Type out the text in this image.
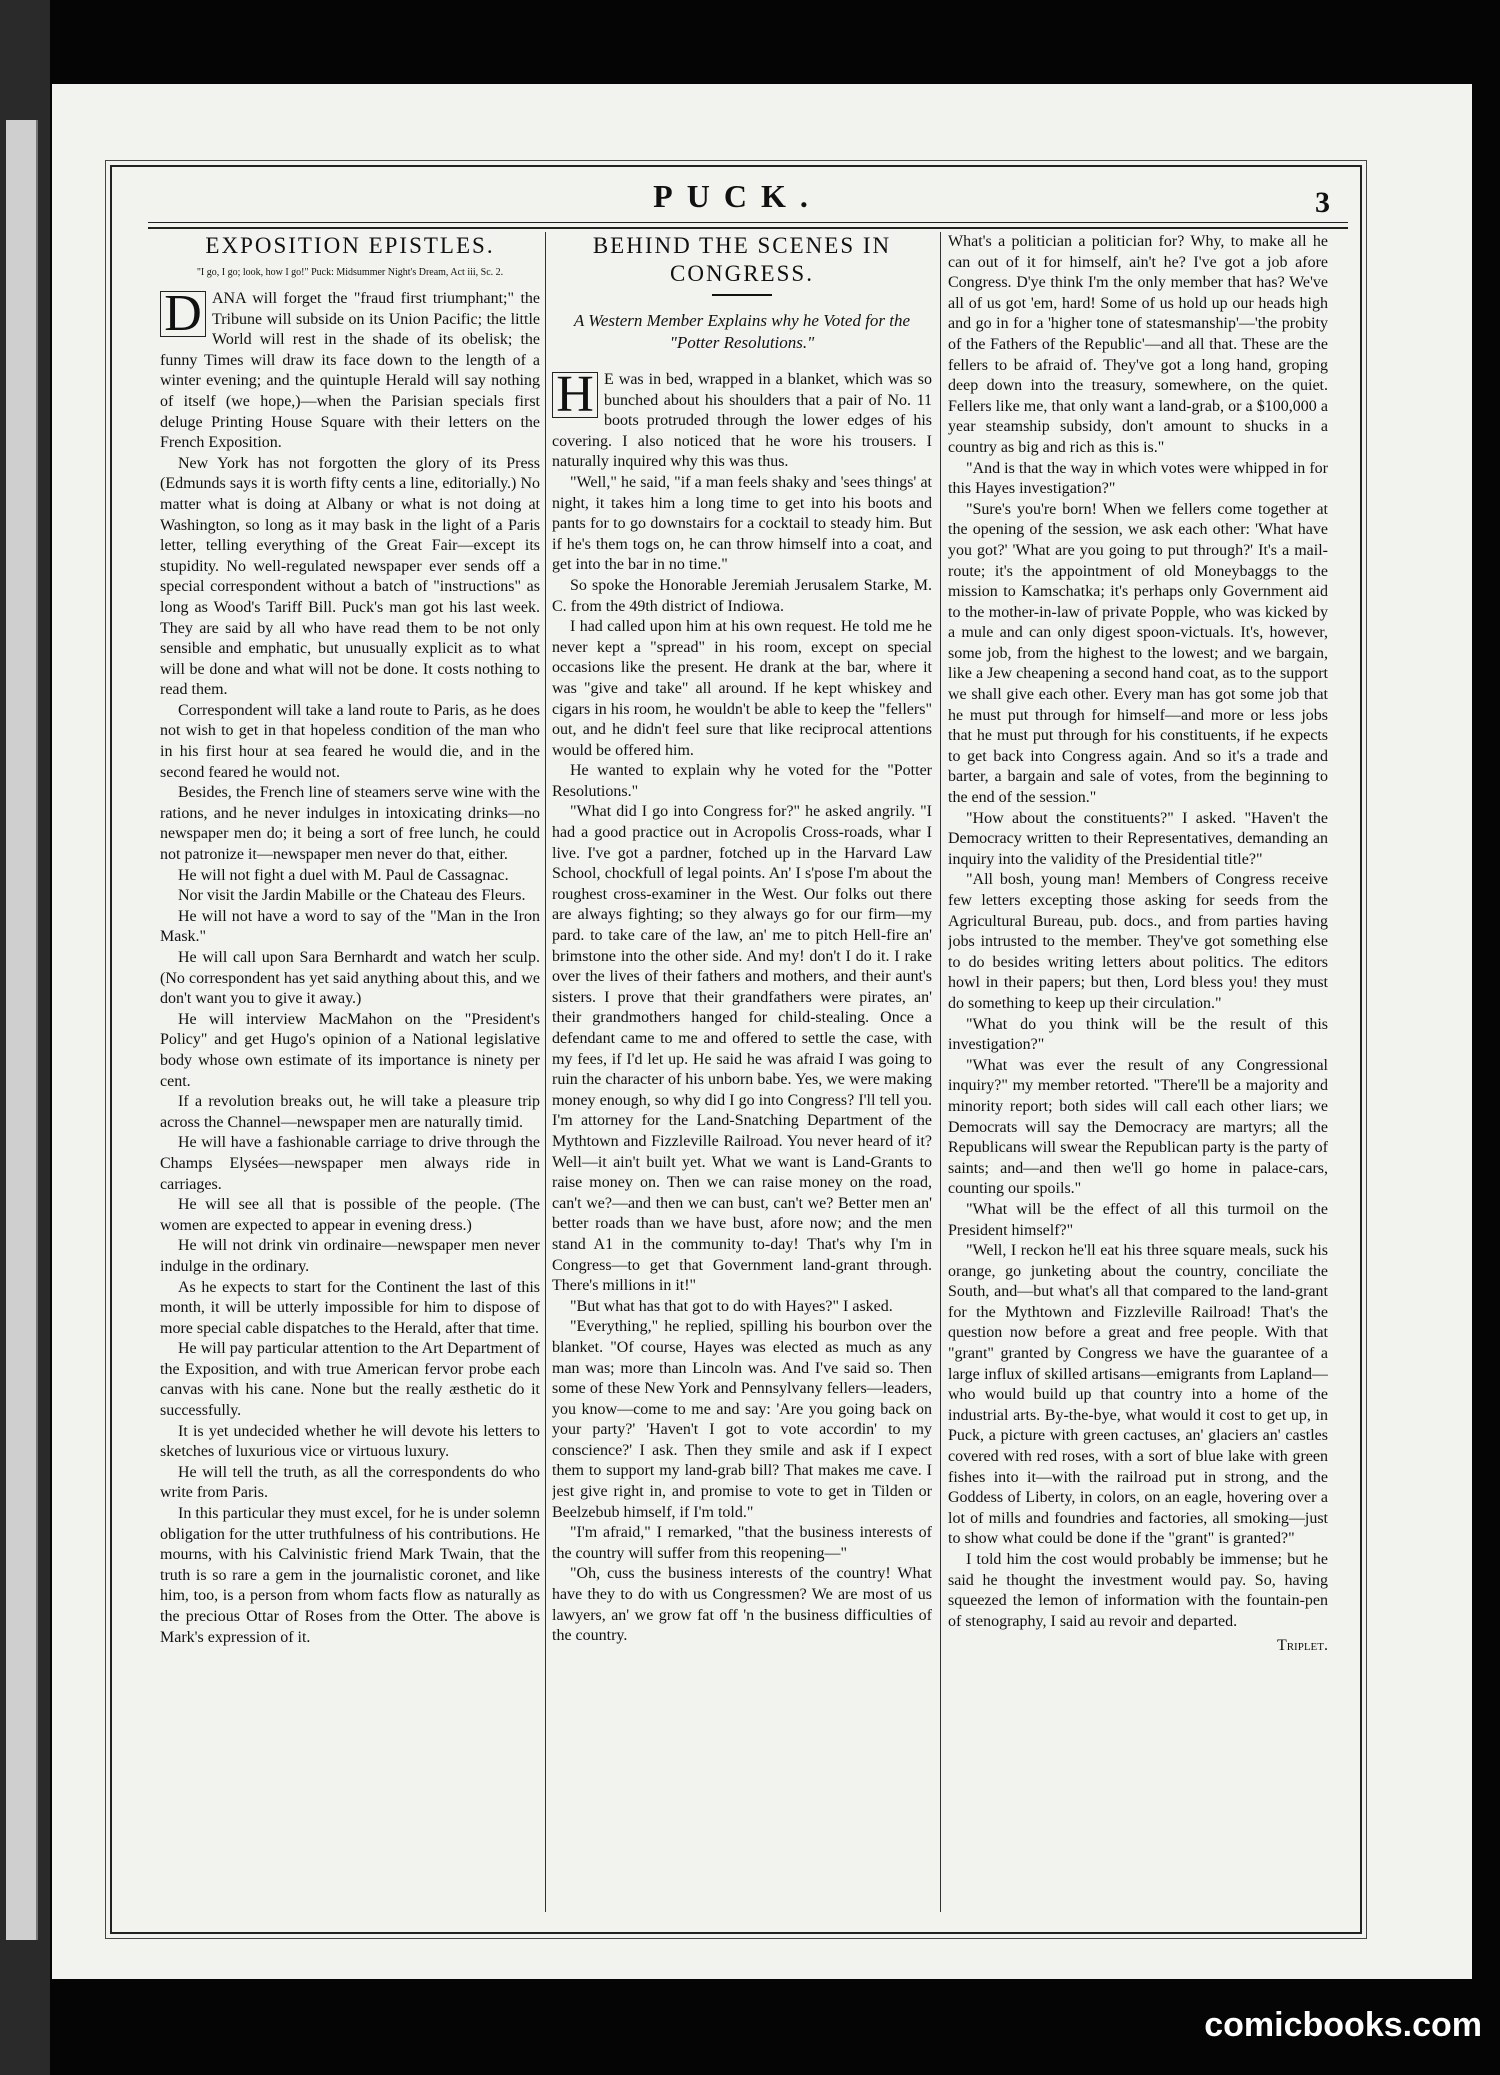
PUCK.	3
EXPOSITION EPISTLES.
"I go, I go; look, how I go!" Puck: Midsummer Night's Dream, Act iii, Sc. 2.

D ANA will forget the "fraud first triumphant;" the Tribune will subside on its Union Pacific; the little World will rest in the shade of its obelisk; the funny Times will draw its face down to the length of a winter evening; and the quintuple Herald will say nothing of itself (we hope,)—when the Parisian specials first deluge Printing House Square with their letters on the French Exposition.

New York has not forgotten the glory of its Press (Edmunds says it is worth fifty cents a line, editorially.) No matter what is doing at Albany or what is not doing at Washington, so long as it may bask in the light of a Paris letter, telling everything of the Great Fair—except its stupidity. No well-regulated newspaper ever sends off a special correspondent without a batch of "instructions" as long as Wood's Tariff Bill. Puck's man got his last week. They are said by all who have read them to be not only sensible and emphatic, but unusually explicit as to what will be done and what will not be done. It costs nothing to read them.

Correspondent will take a land route to Paris, as he does not wish to get in that hopeless condition of the man who in his first hour at sea feared he would die, and in the second feared he would not.

Besides, the French line of steamers serve wine with the rations, and he never indulges in intoxicating drinks—no newspaper men do; it being a sort of free lunch, he could not patronize it—newspaper men never do that, either.

He will not fight a duel with M. Paul de Cassagnac.

Nor visit the Jardin Mabille or the Chateau des Fleurs.

He will not have a word to say of the "Man in the Iron Mask."

He will call upon Sara Bernhardt and watch her sculp. (No correspondent has yet said anything about this, and we don't want you to give it away.)

He will interview MacMahon on the "President's Policy" and get Hugo's opinion of a National legislative body whose own estimate of its importance is ninety per cent.

If a revolution breaks out, he will take a pleasure trip across the Channel—newspaper men are naturally timid.

He will have a fashionable carriage to drive through the Champs Elysées—newspaper men always ride in carriages.

He will see all that is possible of the people. (The women are expected to appear in evening dress.)

He will not drink vin ordinaire—newspaper men never indulge in the ordinary.

As he expects to start for the Continent the last of this month, it will be utterly impossible for him to dispose of more special cable dispatches to the Herald, after that time.

He will pay particular attention to the Art Department of the Exposition, and with true American fervor probe each canvas with his cane. None but the really æsthetic do it successfully.

It is yet undecided whether he will devote his letters to sketches of luxurious vice or virtuous luxury.

He will tell the truth, as all the correspondents do who write from Paris.

In this particular they must excel, for he is under solemn obligation for the utter truthfulness of his contributions. He mourns, with his Calvinistic friend Mark Twain, that the truth is so rare a gem in the journalistic coronet, and like him, too, is a person from whom facts flow as naturally as the precious Ottar of Roses from the Otter. The above is Mark's expression of it.

BEHIND THE SCENES IN CONGRESS.
A Western Member Explains why he Voted for the "Potter Resolutions."

H E was in bed, wrapped in a blanket, which was so bunched about his shoulders that a pair of No. 11 boots protruded through the lower edges of his covering. I also noticed that he wore his trousers. I naturally inquired why this was thus.

"Well," he said, "if a man feels shaky and 'sees things' at night, it takes him a long time to get into his boots and pants for to go downstairs for a cocktail to steady him. But if he's them togs on, he can throw himself into a coat, and get into the bar in no time."

So spoke the Honorable Jeremiah Jerusalem Starke, M. C. from the 49th district of Indiowa.

I had called upon him at his own request. He told me he never kept a "spread" in his room, except on special occasions like the present. He drank at the bar, where it was "give and take" all around. If he kept whiskey and cigars in his room, he wouldn't be able to keep the "fellers" out, and he didn't feel sure that like reciprocal attentions would be offered him.

He wanted to explain why he voted for the "Potter Resolutions."

"What did I go into Congress for?" he asked angrily. "I had a good practice out in Acropolis Cross-roads, whar I live. I've got a pardner, fotched up in the Harvard Law School, chockfull of legal points. An' I s'pose I'm about the roughest cross-examiner in the West. Our folks out there are always fighting; so they always go for our firm—my pard. to take care of the law, an' me to pitch Hell-fire an' brimstone into the other side. And my! don't I do it. I rake over the lives of their fathers and mothers, and their aunt's sisters. I prove that their grandfathers were pirates, an' their grandmothers hanged for child-stealing. Once a defendant came to me and offered to settle the case, with my fees, if I'd let up. He said he was afraid I was going to ruin the character of his unborn babe. Yes, we were making money enough, so why did I go into Congress? I'll tell you. I'm attorney for the Land-Snatching Department of the Mythtown and Fizzleville Railroad. You never heard of it? Well—it ain't built yet. What we want is Land-Grants to raise money on. Then we can raise money on the road, can't we?—and then we can bust, can't we? Better men an' better roads than we have bust, afore now; and the men stand A1 in the community to-day! That's why I'm in Congress—to get that Government land-grant through. There's millions in it!"

"But what has that got to do with Hayes?" I asked.

"Everything," he replied, spilling his bourbon over the blanket. "Of course, Hayes was elected as much as any man was; more than Lincoln was. And I've said so. Then some of these New York and Pennsylvany fellers—leaders, you know—come to me and say: 'Are you going back on your party?' 'Haven't I got to vote accordin' to my conscience?' I ask. Then they smile and ask if I expect them to support my land-grab bill? That makes me cave. I jest give right in, and promise to vote to get in Tilden or Beelzebub himself, if I'm told."

"I'm afraid," I remarked, "that the business interests of the country will suffer from this reopening—"

"Oh, cuss the business interests of the country! What have they to do with us Congressmen? We are most of us lawyers, an' we grow fat off 'n the business difficulties of the country.

What's a politician a politician for? Why, to make all he can out of it for himself, ain't he? I've got a job afore Congress. D'ye think I'm the only member that has? We've all of us got 'em, hard! Some of us hold up our heads high and go in for a 'higher tone of statesmanship'—'the probity of the Fathers of the Republic'—and all that. These are the fellers to be afraid of. They've got a long hand, groping deep down into the treasury, somewhere, on the quiet. Fellers like me, that only want a land-grab, or a $100,000 a year steamship subsidy, don't amount to shucks in a country as big and rich as this is."

"And is that the way in which votes were whipped in for this Hayes investigation?"

"Sure's you're born! When we fellers come together at the opening of the session, we ask each other: 'What have you got?' 'What are you going to put through?' It's a mail-route; it's the appointment of old Moneybaggs to the mission to Kamschatka; it's perhaps only Government aid to the mother-in-law of private Popple, who was kicked by a mule and can only digest spoon-victuals. It's, however, some job, from the highest to the lowest; and we bargain, like a Jew cheapening a second hand coat, as to the support we shall give each other. Every man has got some job that he must put through for himself—and more or less jobs that he must put through for his constituents, if he expects to get back into Congress again. And so it's a trade and barter, a bargain and sale of votes, from the beginning to the end of the session."

"How about the constituents?" I asked. "Haven't the Democracy written to their Representatives, demanding an inquiry into the validity of the Presidential title?"

"All bosh, young man! Members of Congress receive few letters excepting those asking for seeds from the Agricultural Bureau, pub. docs., and from parties having jobs intrusted to the member. They've got something else to do besides writing letters about politics. The editors howl in their papers; but then, Lord bless you! they must do something to keep up their circulation."

"What do you think will be the result of this investigation?"

"What was ever the result of any Congressional inquiry?" my member retorted. "There'll be a majority and minority report; both sides will call each other liars; we Democrats will say the Democracy are martyrs; all the Republicans will swear the Republican party is the party of saints; and—and then we'll go home in palace-cars, counting our spoils."

"What will be the effect of all this turmoil on the President himself?"

"Well, I reckon he'll eat his three square meals, suck his orange, go junketing about the country, conciliate the South, and—but what's all that compared to the land-grant for the Mythtown and Fizzleville Railroad! That's the question now before a great and free people. With that "grant" granted by Congress we have the guarantee of a large influx of skilled artisans—emigrants from Lapland—who would build up that country into a home of the industrial arts. By-the-bye, what would it cost to get up, in Puck, a picture with green cactuses, an' glaciers an' castles covered with red roses, with a sort of blue lake with green fishes into it—with the railroad put in strong, and the Goddess of Liberty, in colors, on an eagle, hovering over a lot of mills and foundries and factories, all smoking—just to show what could be done if the "grant" is granted?"

I told him the cost would probably be immense; but he said he thought the investment would pay. So, having squeezed the lemon of information with the fountain-pen of stenography, I said au revoir and departed.

Triplet.
comicbooks.com
